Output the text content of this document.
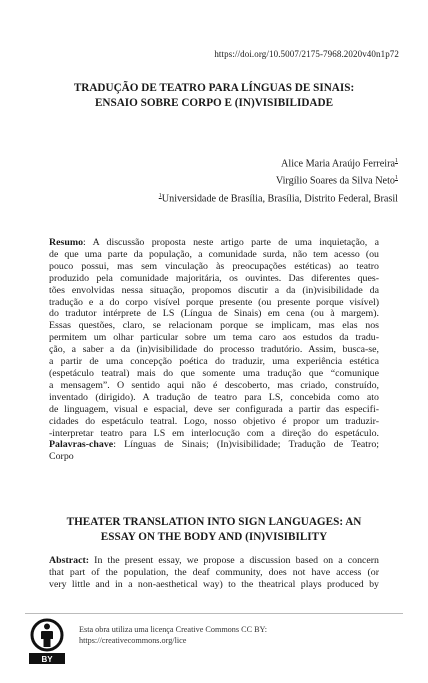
https://doi.org/10.5007/2175-7968.2020v40n1p72
TRADUÇÃO DE TEATRO PARA LÍNGUAS DE SINAIS:
ENSAIO SOBRE CORPO E (IN)VISIBILIDADE
Alice Maria Araújo Ferreira$^1$
Virgílio Soares da Silva Neto$^1$
$^1$Universidade de Brasília, Brasília, Distrito Federal, Brasil
Resumo: A discussão proposta neste artigo parte de uma inquietação, a
de que uma parte da população, a comunidade surda, não tem acesso (ou
pouco possui, mas sem vinculação às preocupações estéticas) ao teatro
produzido pela comunidade majoritária, os ouvintes. Das diferentes ques-
tões envolvidas nessa situação, propomos discutir a da (in)visibilidade da
tradução e a do corpo visível porque presente (ou presente porque visível)
do tradutor intérprete de LS (Língua de Sinais) em cena (ou à margem).
Essas questões, claro, se relacionam porque se implicam, mas elas nos
permitem um olhar particular sobre um tema caro aos estudos da tradu-
ção, a saber a da (in)visibilidade do processo tradutório. Assim, busca-se,
a partir de uma concepção poética do traduzir, uma experiência estética
(espetáculo teatral) mais do que somente uma tradução que “comunique
a mensagem”. O sentido aqui não é descoberto, mas criado, construído,
inventado (dirigido). A tradução de teatro para LS, concebida como ato
de linguagem, visual e espacial, deve ser configurada a partir das especifi-
cidades do espetáculo teatral. Logo, nosso objetivo é propor um traduzir-
-interpretar teatro para LS em interlocução com a direção do espetáculo.
Palavras-chave: Línguas de Sinais; (In)visibilidade; Tradução de Teatro;
Corpo
THEATER TRANSLATION INTO SIGN LANGUAGES: AN
ESSAY ON THE BODY AND (IN)VISIBILITY
Abstract: In the present essay, we propose a discussion based on a concern
that part of the population, the deaf community, does not have access (or
very little and in a non-aesthetical way) to the theatrical plays produced by
BY
Esta obra utiliza uma licença Creative Commons CC BY:
https://creativecommons.org/lice
